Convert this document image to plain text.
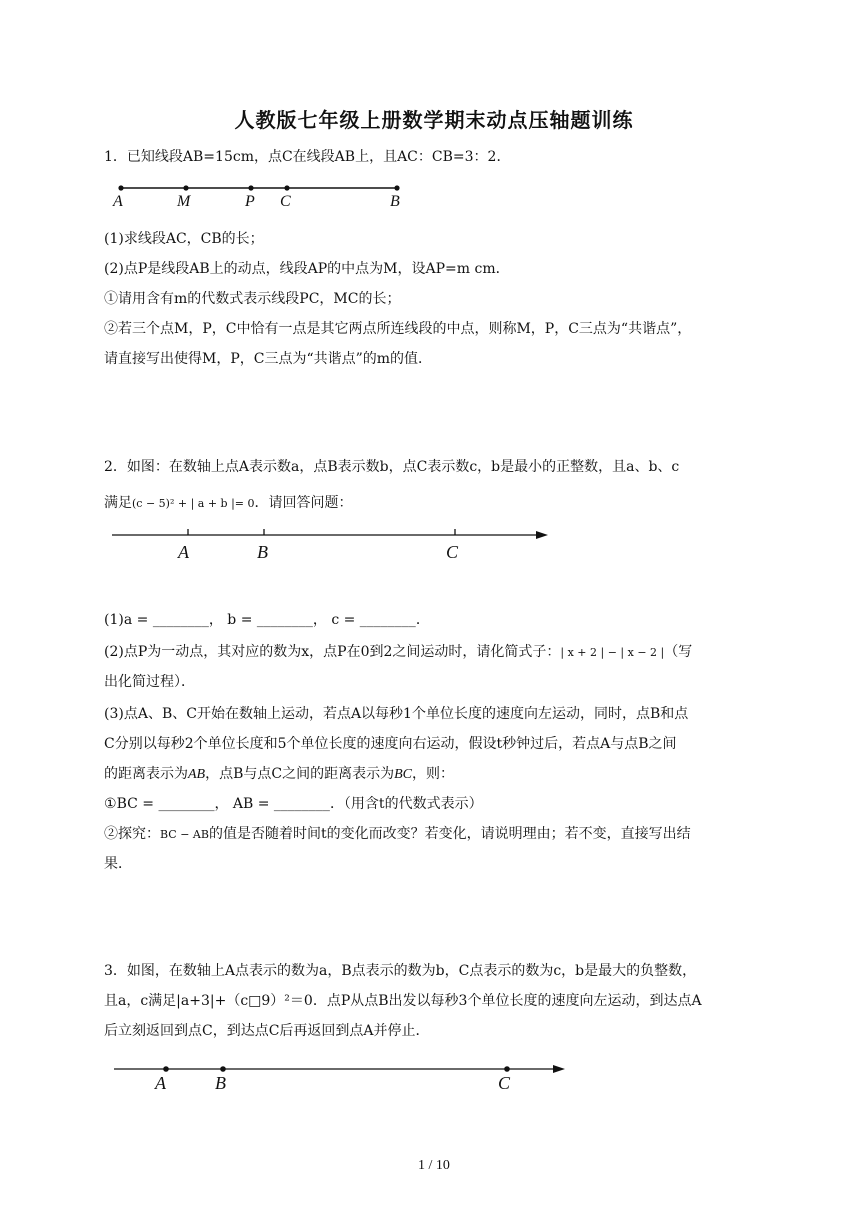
人教版七年级上册数学期末动点压轴题训练
1．已知线段AB=15cm，点C在线段AB上，且AC：CB=3：2．
A	M	P C	B
(1)求线段AC，CB的长；
(2)点P是线段AB上的动点，线段AP的中点为M，设AP=m cm．
①请用含有m的代数式表示线段PC，MC的长；
②若三个点M，P，C中恰有一点是其它两点所连线段的中点，则称M，P，C三点为“共谐点”，
请直接写出使得M，P，C三点为“共谐点”的m的值．
2．如图：在数轴上点A表示数a，点B表示数b，点C表示数c，b是最小的正整数，且a、b、c
满足(c − 5)² + | a + b |= 0．请回答问题：
A	B	C
(1)a = ________， b = ________， c = ________．
(2)点P为一动点，其对应的数为x，点P在0到2之间运动时，请化简式子：| x + 2 | − | x − 2 |（写
出化简过程）．
(3)点A、B、C开始在数轴上运动，若点A以每秒1个单位长度的速度向左运动，同时，点B和点
C分别以每秒2个单位长度和5个单位长度的速度向右运动，假设t秒钟过后，若点A与点B之间
的距离表示为AB，点B与点C之间的距离表示为BC，则：
①BC = ________， AB = ________．（用含t的代数式表示）
②探究：BC − AB的值是否随着时间t的变化而改变？若变化，请说明理由；若不变，直接写出结
果．
3．如图，在数轴上A点表示的数为a，B点表示的数为b，C点表示的数为c，b是最大的负整数，
且a，c满足|a+3|+（c□9）²＝0．点P从点B出发以每秒3个单位长度的速度向左运动，到达点A
后立刻返回到点C，到达点C后再返回到点A并停止．
A	B	C
1 / 10
